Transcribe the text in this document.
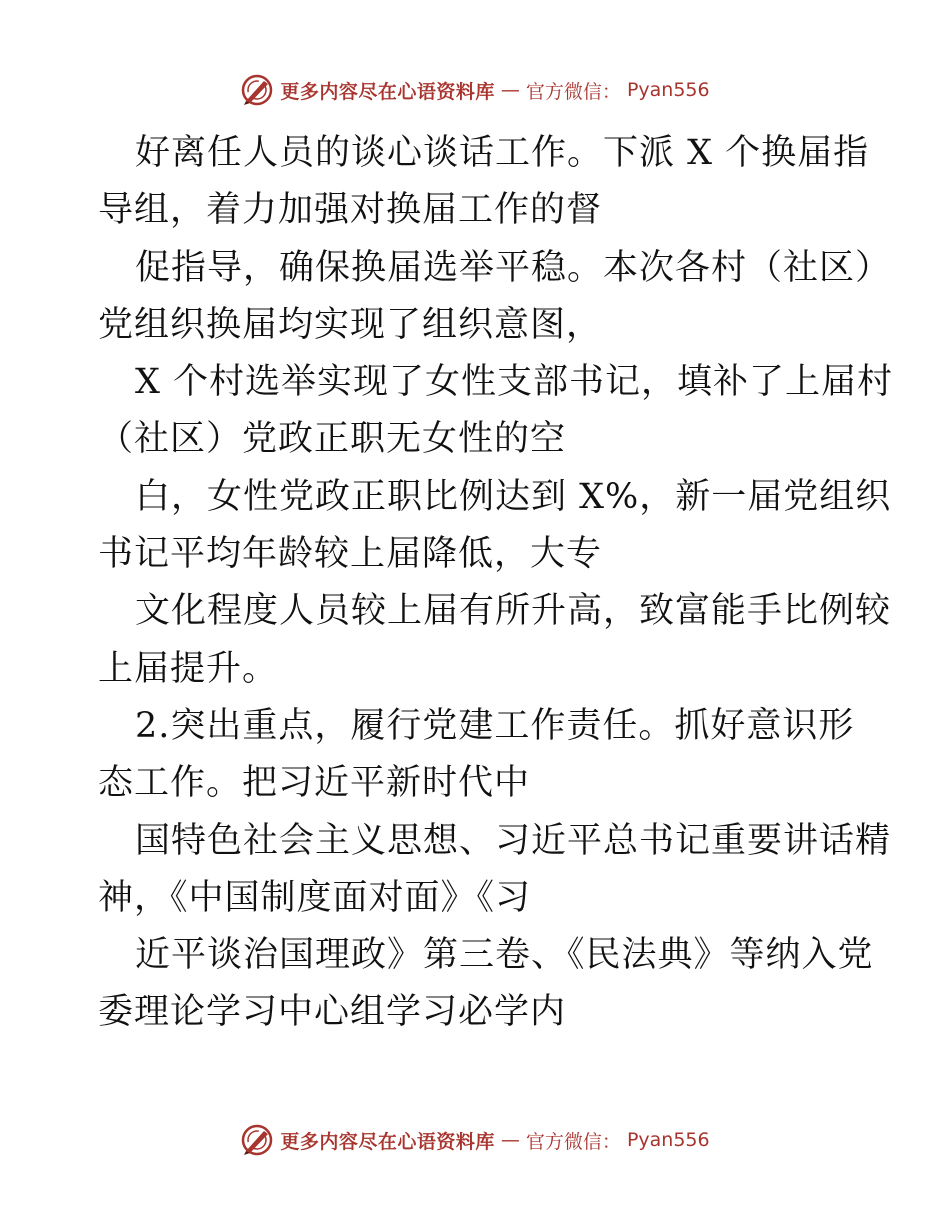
更多内容尽在心语资料库 — 官方微信： Pyan556
好离任人员的谈心谈话工作。下派 X 个换届指
导组，着力加强对换届工作的督
促指导，确保换届选举平稳。本次各村（社区）
党组织换届均实现了组织意图，
X 个村选举实现了女性支部书记，填补了上届村
（社区）党政正职无女性的空
白，女性党政正职比例达到 X%，新一届党组织
书记平均年龄较上届降低，大专
文化程度人员较上届有所升高，致富能手比例较
上届提升。
2.突出重点，履行党建工作责任。抓好意识形
态工作。把习近平新时代中
国特色社会主义思想、习近平总书记重要讲话精
神，《中国制度面对面》《习
近平谈治国理政》第三卷、《民法典》等纳入党
委理论学习中心组学习必学内
更多内容尽在心语资料库 — 官方微信： Pyan556
